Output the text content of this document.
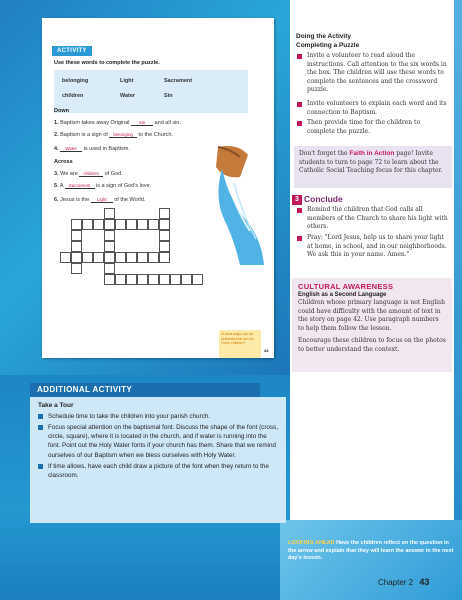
ACTIVITY
Use these words to complete the puzzle.
belonging	Light	Sacrament
children	Water	Sin
Down
1. Baptism takes away Original Sin and all sin.
2. Baptism is a sign of belonging to the Church.
4. Water is used in Baptism.
Across
3. We are children of God.
5. A Sacrament is a sign of God's love.
6. Jesus is the Light of the World.
In what ways can we celebrate that we are God's children?
43
Doing the Activity
Completing a Puzzle
Invite a volunteer to read aloud the instructions. Call attention to the six words in the box. The children will use these words to complete the sentences and the crossword puzzle.
Invite volunteers to explain each word and its connection to Baptism.
Then provide time for the children to complete the puzzle.
Don't forget the Faith in Action page! Invite students to turn to page 72 to learn about the Catholic Social Teaching focus for this chapter.
3 Conclude
Remind the children that God calls all members of the Church to share his light with others.
Pray: "Lord Jesus, help us to share your light at home, in school, and in our neighborhoods. We ask this in your name. Amen."
CULTURAL AWARENESS
English as a Second Language
Children whose primary language is not English could have difficulty with the amount of text in the story on page 42. Use paragraph numbers to help them follow the lesson.
Encourage these children to focus on the photos to better understand the context.
ADDITIONAL ACTIVITY
Take a Tour
Schedule time to take the children into your parish church.
Focus special attention on the baptismal font. Discuss the shape of the font (cross, circle, square), where it is located in the church, and if water is running into the font. Point out the Holy Water fonts if your church has them. Share that we remind ourselves of our Baptism when we bless ourselves with Holy Water.
If time allows, have each child draw a picture of the font when they return to the classroom.
LOOKING AHEAD Have the children reflect on the question in the arrow and explain that they will learn the answer in the next day's lesson.
Chapter 2 43
